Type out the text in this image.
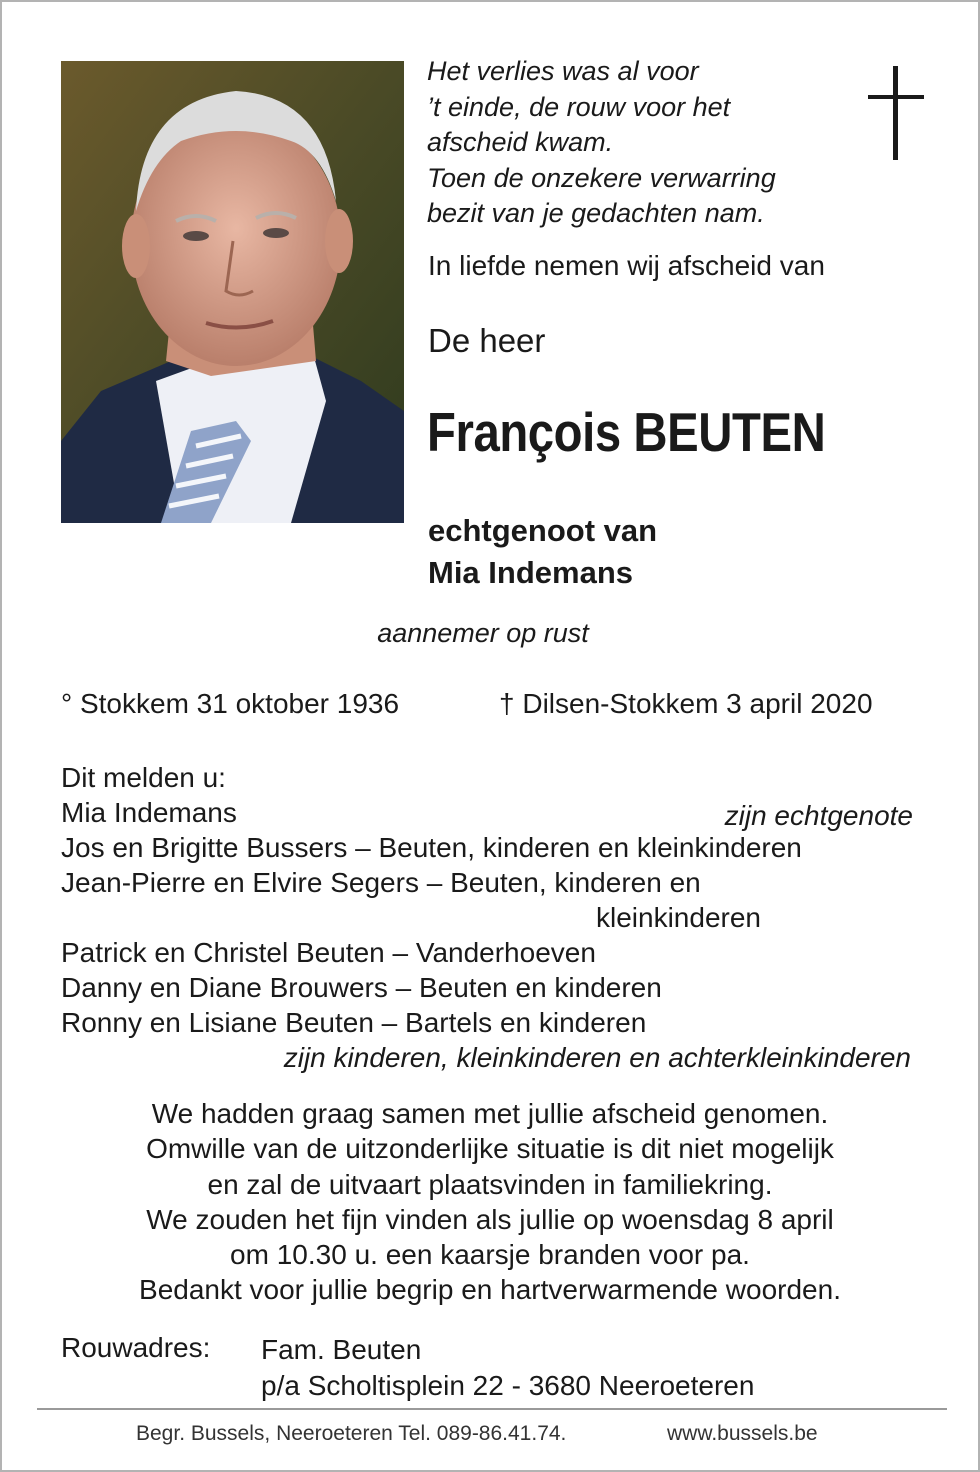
Het verlies was al voor
’t einde, de rouw voor het
afscheid kwam.
Toen de onzekere verwarring
bezit van je gedachten nam.
In liefde nemen wij afscheid van
De heer
François BEUTEN
echtgenoot van
Mia Indemans
aannemer op rust
° Stokkem 31 oktober 1936	† Dilsen-Stokkem 3 april 2020
Dit melden u:
Mia Indemans	zijn echtgenote
Jos en Brigitte Bussers – Beuten, kinderen en kleinkinderen
Jean-Pierre en Elvire Segers – Beuten, kinderen en
kleinkinderen
Patrick en Christel Beuten – Vanderhoeven
Danny en Diane Brouwers – Beuten en kinderen
Ronny en Lisiane Beuten – Bartels en kinderen
zijn kinderen, kleinkinderen en achterkleinkinderen
We hadden graag samen met jullie afscheid genomen.
Omwille van de uitzonderlijke situatie is dit niet mogelijk
en zal de uitvaart plaatsvinden in familiekring.
We zouden het fijn vinden als jullie op woensdag 8 april
om 10.30 u. een kaarsje branden voor pa.
Bedankt voor jullie begrip en hartverwarmende woorden.
Rouwadres: Fam. Beuten
p/a Scholtisplein 22 - 3680 Neeroeteren
Begr. Bussels, Neeroeteren Tel. 089-86.41.74.	www.bussels.be
